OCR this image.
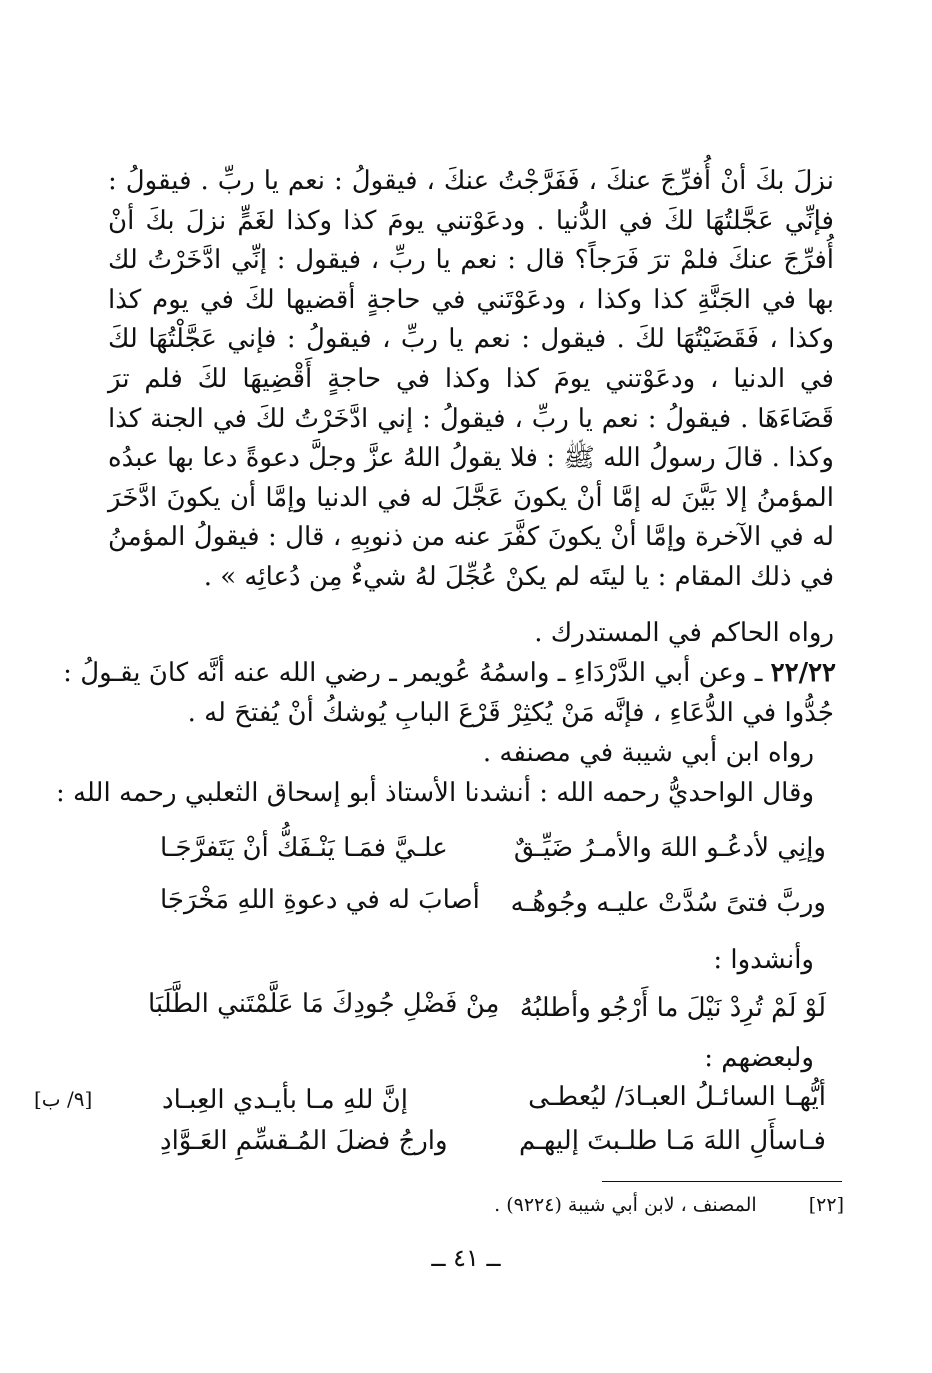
نزلَ بكَ أنْ أُفرِّجَ عنكَ ، فَفَرَّجْتُ عنكَ ، فيقولُ : نعم يا ربِّ . فيقولُ : فإنِّي عَجَّلتُهَا لكَ في الدُّنيا . ودعَوْتني يومَ كذا وكذا لغَمٍّ نزلَ بكَ أنْ أُفرِّجَ عنكَ فلمْ ترَ فَرَجاً؟ قال : نعم يا ربِّ ، فيقول : إنِّي ادَّخَرْتُ لك بها في الجَنَّةِ كذا وكذا ، ودعَوْتَني في حاجةٍ أقضيها لكَ في يوم كذا وكذا ، فَقَضَيْتُهَا لكَ . فيقول : نعم يا ربِّ ، فيقولُ : فإني عَجَّلْتُهَا لكَ في الدنيا ، ودعَوْتني يومَ كذا وكذا في حاجةٍ أَقْضِيهَا لكَ فلم ترَ قَضَاءَهَا . فيقولُ : نعم يا ربِّ ، فيقولُ : إني ادَّخَرْتُ لكَ في الجنة كذا وكذا . قالَ رسولُ الله ﷺ : فلا يقولُ اللهُ عزَّ وجلَّ دعوةً دعا بها عبدُه المؤمنُ إلا بَيَّنَ له إمَّا أنْ يكونَ عَجَّلَ له في الدنيا وإمَّا أن يكونَ ادَّخَرَ له في الآخرة وإمَّا أنْ يكونَ كفَّرَ عنه من ذنوبِهِ ، قال : فيقولُ المؤمنُ في ذلك المقام : يا ليتَه لم يكنْ عُجِّلَ لهُ شيءٌ مِن دُعائِه » .
رواه الحاكم في المستدرك .
٢٢/٢٢ ـ وعن أبي الدَّرْدَاءِ ـ واسمُهُ عُويمر ـ رضي الله عنه أنَّه كانَ يقـولُ :
جُدُّوا في الدُّعَاءِ ، فإنَّه مَنْ يُكثِرْ قَرْعَ البابِ يُوشكُ أنْ يُفتحَ له .
رواه ابن أبي شيبة في مصنفه .
وقال الواحديُّ رحمه الله : أنشدنا الأستاذ أبو إسحاق الثعلبي رحمه الله :
وإنِي لأدعُـو اللهَ والأمـرُ ضَيِّـقٌ
علـيَّ فمَـا يَنْـفَكُّ أنْ يَتَفرَّجَـا
وربَّ فتىً سُدَّتْ عليـه وجُوهُـه
أصابَ له في دعوةِ اللهِ مَخْرَجَا
وأنشدوا :
لَوْ لَمْ تُرِدْ نَيْلَ ما أَرْجُو وأطلبُهُ
مِنْ فَضْلِ جُودِكَ مَا عَلَّمْتَني الطَّلَبَا
ولبعضهم :
أيُّهـا السائـلُ العبـادَ/ ليُعطـى
إنَّ للهِ مـا بأيـدي العِبـاد
فـاسأَلِ اللهَ مَـا طلـبتَ إليهـم
وارجُ فضلَ المُـقسِّمِ العَـوَّادِ
[٩/ ب]
[٢٢] المصنف ، لابن أبي شيبة (٩٢٢٤) .
ــ ٤١ ــ
